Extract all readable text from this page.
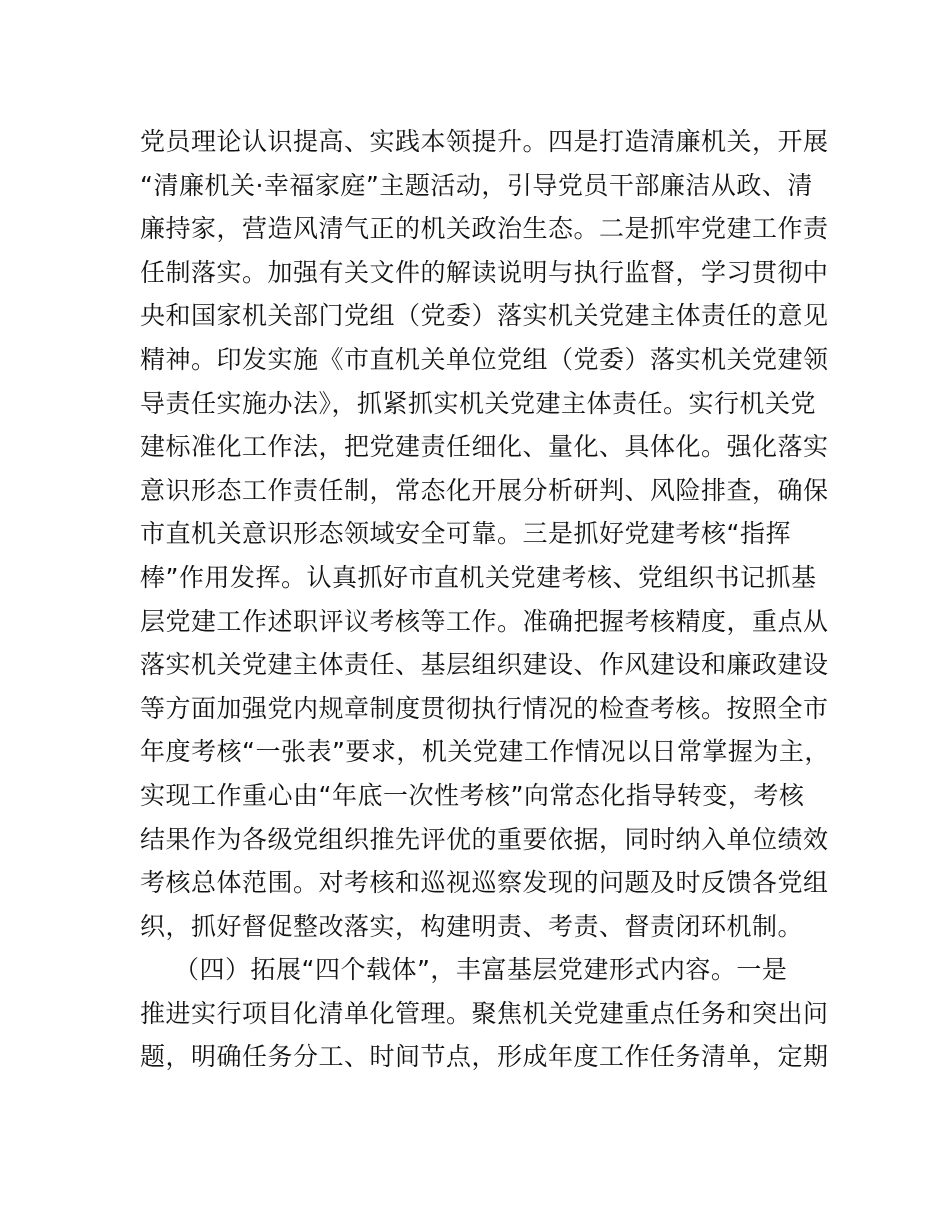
党员理论认识提高、实践本领提升。四是打造清廉机关，开展
“清廉机关·幸福家庭”主题活动，引导党员干部廉洁从政、清
廉持家，营造风清气正的机关政治生态。二是抓牢党建工作责
任制落实。加强有关文件的解读说明与执行监督，学习贯彻中
央和国家机关部门党组（党委）落实机关党建主体责任的意见
精神。印发实施《市直机关单位党组（党委）落实机关党建领
导责任实施办法》，抓紧抓实机关党建主体责任。实行机关党
建标准化工作法，把党建责任细化、量化、具体化。强化落实
意识形态工作责任制，常态化开展分析研判、风险排查，确保
市直机关意识形态领域安全可靠。三是抓好党建考核“指挥
棒”作用发挥。认真抓好市直机关党建考核、党组织书记抓基
层党建工作述职评议考核等工作。准确把握考核精度，重点从
落实机关党建主体责任、基层组织建设、作风建设和廉政建设
等方面加强党内规章制度贯彻执行情况的检查考核。按照全市
年度考核“一张表”要求，机关党建工作情况以日常掌握为主，
实现工作重心由“年底一次性考核”向常态化指导转变，考核
结果作为各级党组织推先评优的重要依据，同时纳入单位绩效
考核总体范围。对考核和巡视巡察发现的问题及时反馈各党组
织，抓好督促整改落实，构建明责、考责、督责闭环机制。
（四）拓展“四个载体”，丰富基层党建形式内容。一是
推进实行项目化清单化管理。聚焦机关党建重点任务和突出问
题，明确任务分工、时间节点，形成年度工作任务清单，定期
